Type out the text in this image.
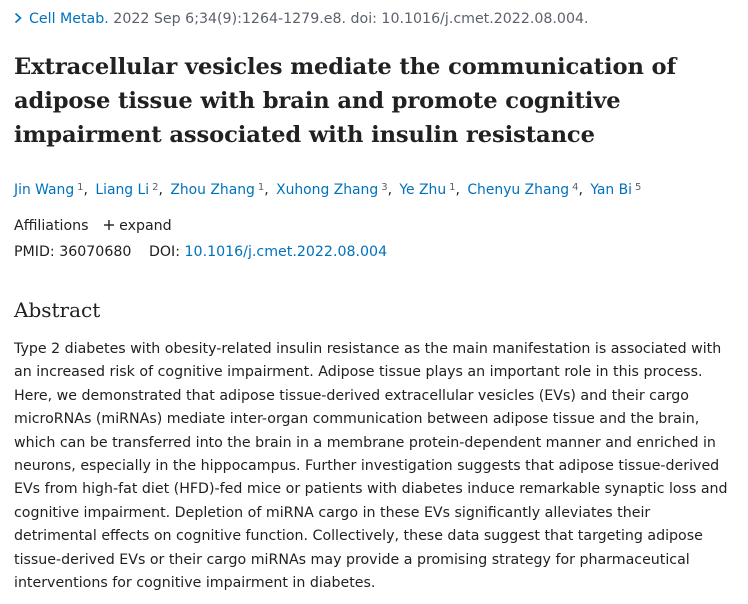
Cell Metab. 2022 Sep 6;34(9):1264-1279.e8. doi: 10.1016/j.cmet.2022.08.004.
Extracellular vesicles mediate the communication of adipose tissue with brain and promote cognitive impairment associated with insulin resistance
Jin Wang $^1$, Liang Li $^2$, Zhou Zhang $^1$, Xuhong Zhang $^3$, Ye Zhu $^1$, Chenyu Zhang $^4$, Yan Bi $^5$
Affiliations expand
PMID: 36070680 DOI: 10.1016/j.cmet.2022.08.004
Abstract

Type 2 diabetes with obesity-related insulin resistance as the main manifestation is associated with an increased risk of cognitive impairment. Adipose tissue plays an important role in this process. Here, we demonstrated that adipose tissue-derived extracellular vesicles (EVs) and their cargo microRNAs (miRNAs) mediate inter-organ communication between adipose tissue and the brain, which can be transferred into the brain in a membrane protein-dependent manner and enriched in neurons, especially in the hippocampus. Further investigation suggests that adipose tissue-derived EVs from high-fat diet (HFD)-fed mice or patients with diabetes induce remarkable synaptic loss and cognitive impairment. Depletion of miRNA cargo in these EVs significantly alleviates their detrimental effects on cognitive function. Collectively, these data suggest that targeting adipose tissue-derived EVs or their cargo miRNAs may provide a promising strategy for pharmaceutical interventions for cognitive impairment in diabetes.
